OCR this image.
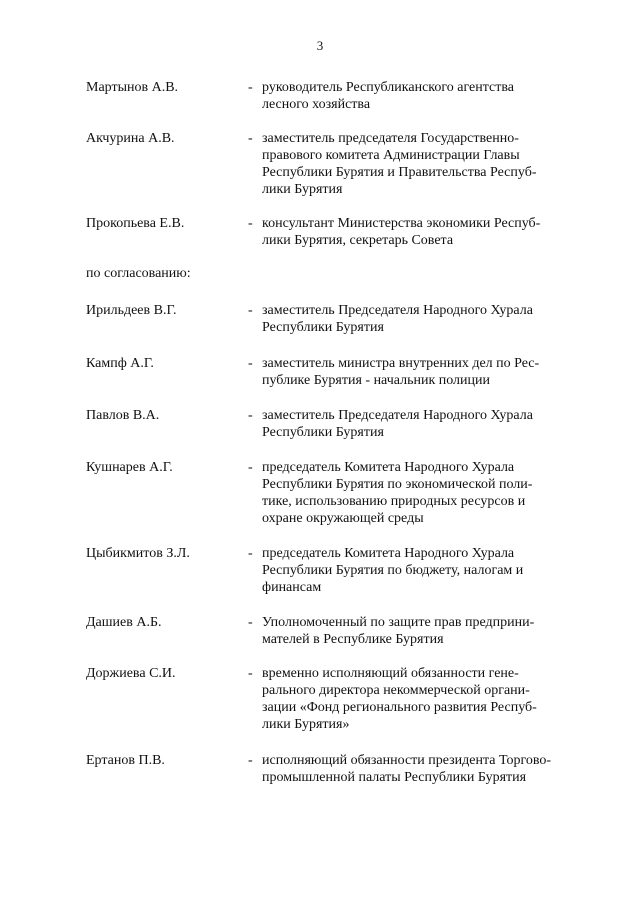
3
Мартынов А.В.	- руководитель Республиканского агентства
лесного хозяйства
Акчурина А.В.	- заместитель председателя Государственно-
правового комитета Администрации Главы
Республики Бурятия и Правительства Респуб-
лики Бурятия
Прокопьева Е.В.	- консультант Министерства экономики Респуб-
лики Бурятия, секретарь Совета
по согласованию:
Ирильдеев В.Г.	- заместитель Председателя Народного Хурала
Республики Бурятия
Кампф А.Г.	- заместитель министра внутренних дел по Рес-
публике Бурятия - начальник полиции
Павлов В.А.	- заместитель Председателя Народного Хурала
Республики Бурятия
Кушнарев А.Г.	- председатель Комитета Народного Хурала
Республики Бурятия по экономической поли-
тике, использованию природных ресурсов и
охране окружающей среды
Цыбикмитов З.Л.	- председатель Комитета Народного Хурала
Республики Бурятия по бюджету, налогам и
финансам
Дашиев А.Б.	- Уполномоченный по защите прав предприни-
мателей в Республике Бурятия
Доржиева С.И.	- временно исполняющий обязанности гене-
рального директора некоммерческой органи-
зации «Фонд регионального развития Респуб-
лики Бурятия»
Ертанов П.В.	- исполняющий обязанности президента Торгово-
промышленной палаты Республики Бурятия
